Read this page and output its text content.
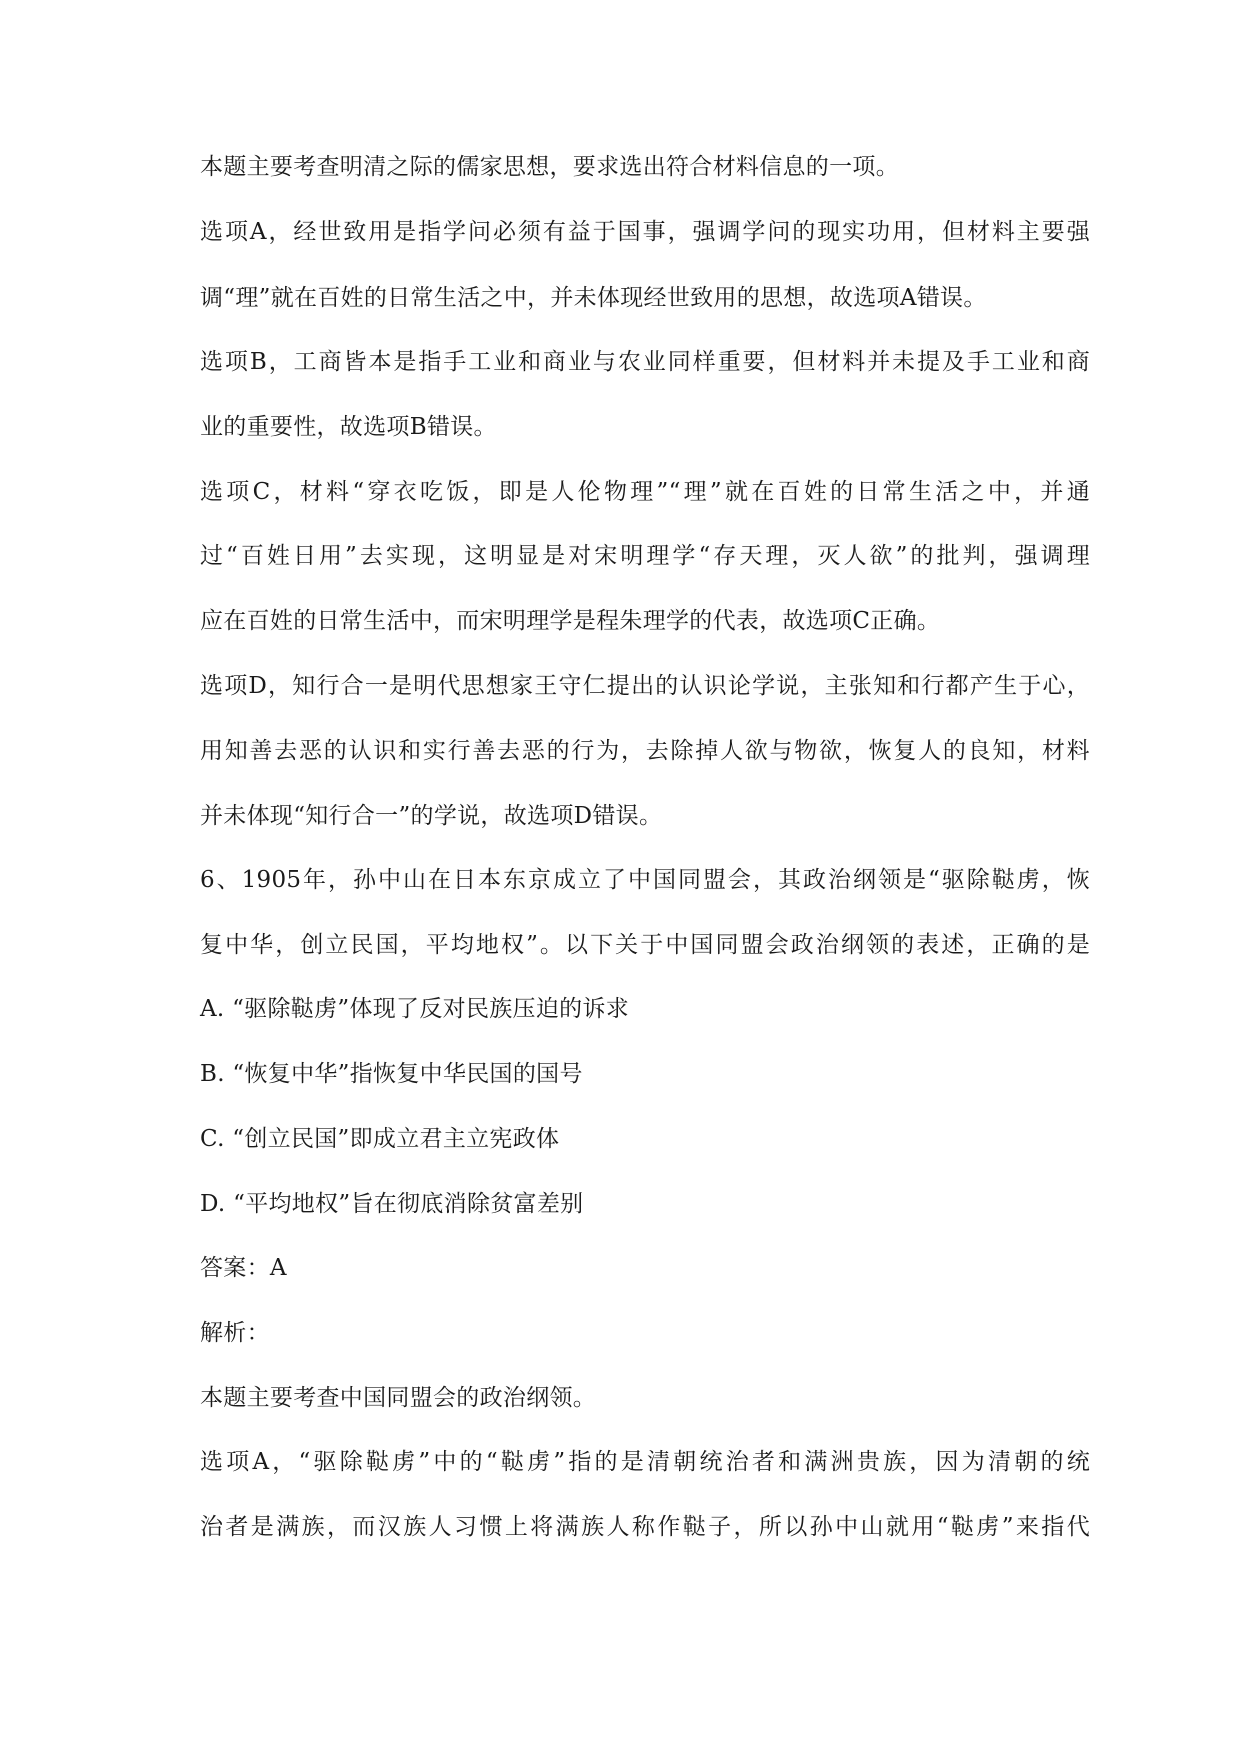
本题主要考查明清之际的儒家思想，要求选出符合材料信息的一项。

选项A，经世致用是指学问必须有益于国事，强调学问的现实功用，但材料主要强

调“理”就在百姓的日常生活之中，并未体现经世致用的思想，故选项A错误。

选项B，工商皆本是指手工业和商业与农业同样重要，但材料并未提及手工业和商

业的重要性，故选项B错误。

选项C，材料“穿衣吃饭，即是人伦物理”“理”就在百姓的日常生活之中，并通

过“百姓日用”去实现，这明显是对宋明理学“存天理，灭人欲”的批判，强调理

应在百姓的日常生活中，而宋明理学是程朱理学的代表，故选项C正确。

选项D，知行合一是明代思想家王守仁提出的认识论学说，主张知和行都产生于心，

用知善去恶的认识和实行善去恶的行为，去除掉人欲与物欲，恢复人的良知，材料

并未体现“知行合一”的学说，故选项D错误。

6、1905年，孙中山在日本东京成立了中国同盟会，其政治纲领是“驱除鞑虏，恢

复中华，创立民国，平均地权”。以下关于中国同盟会政治纲领的表述，正确的是

A. “驱除鞑虏”体现了反对民族压迫的诉求

B. “恢复中华”指恢复中华民国的国号

C. “创立民国”即成立君主立宪政体

D. “平均地权”旨在彻底消除贫富差别

答案：A

解析：

本题主要考查中国同盟会的政治纲领。

选项A，“驱除鞑虏”中的“鞑虏”指的是清朝统治者和满洲贵族，因为清朝的统

治者是满族，而汉族人习惯上将满族人称作鞑子，所以孙中山就用“鞑虏”来指代
